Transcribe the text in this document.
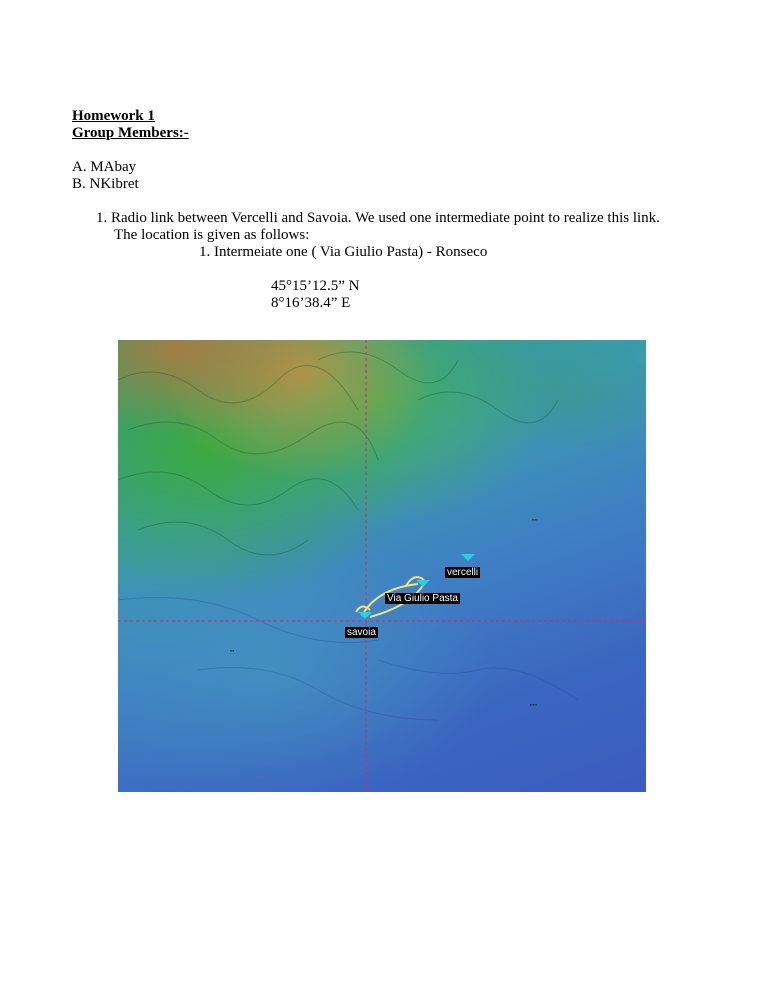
Homework 1
Group Members:-
A. MAbay
B. NKibret
1. Radio link between Vercelli and Savoia. We used one intermediate point to realize this link.
The location is given as follows:
1. Intermeiate one ( Via Giulio Pasta) - Ronseco
45°15’12.5” N
8°16’38.4” E
vercelli
Via Giulio Pasta
savoia
▪▪▪▪
▪▪▪
▪▪▪▪▪
